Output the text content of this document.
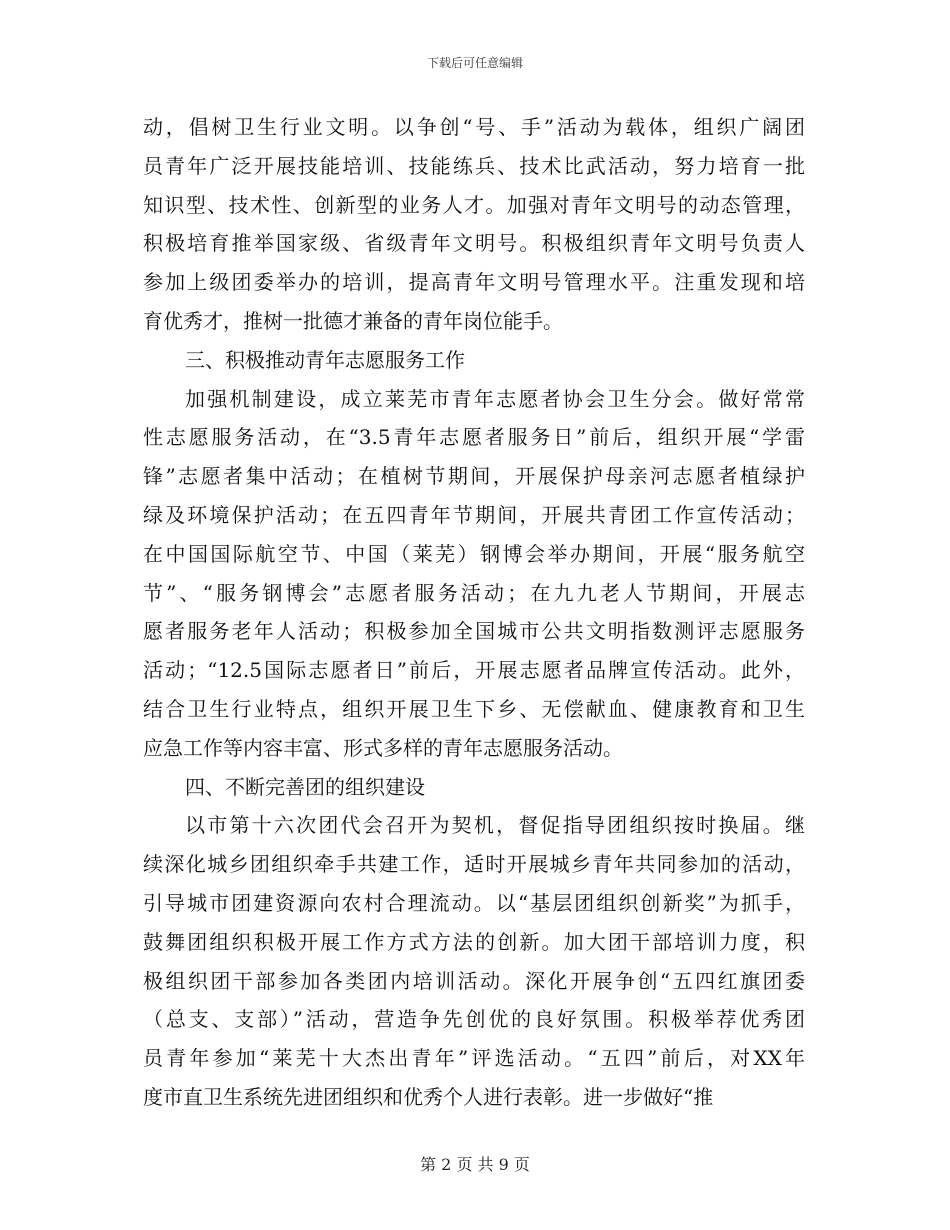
下载后可任意编辑
动，倡树卫生行业文明。以争创“号、手”活动为载体，组织广阔团
员青年广泛开展技能培训、技能练兵、技术比武活动，努力培育一批
知识型、技术性、创新型的业务人才。加强对青年文明号的动态管理，
积极培育推举国家级、省级青年文明号。积极组织青年文明号负责人
参加上级团委举办的培训，提高青年文明号管理水平。注重发现和培
育优秀才，推树一批德才兼备的青年岗位能手。
三、积极推动青年志愿服务工作
加强机制建设，成立莱芜市青年志愿者协会卫生分会。做好常常
性志愿服务活动，在“3.5青年志愿者服务日”前后，组织开展“学雷
锋”志愿者集中活动；在植树节期间，开展保护母亲河志愿者植绿护
绿及环境保护活动；在五四青年节期间，开展共青团工作宣传活动；
在中国国际航空节、中国（莱芜）钢博会举办期间，开展“服务航空
节”、“服务钢博会”志愿者服务活动；在九九老人节期间，开展志
愿者服务老年人活动；积极参加全国城市公共文明指数测评志愿服务
活动；“12.5国际志愿者日”前后，开展志愿者品牌宣传活动。此外，
结合卫生行业特点，组织开展卫生下乡、无偿献血、健康教育和卫生
应急工作等内容丰富、形式多样的青年志愿服务活动。
四、不断完善团的组织建设
以市第十六次团代会召开为契机，督促指导团组织按时换届。继
续深化城乡团组织牵手共建工作，适时开展城乡青年共同参加的活动，
引导城市团建资源向农村合理流动。以“基层团组织创新奖”为抓手，
鼓舞团组织积极开展工作方式方法的创新。加大团干部培训力度，积
极组织团干部参加各类团内培训活动。深化开展争创“五四红旗团委
（总支、支部）”活动，营造争先创优的良好氛围。积极举荐优秀团
员青年参加“莱芜十大杰出青年”评选活动。“五四”前后，对XX年
度市直卫生系统先进团组织和优秀个人进行表彰。进一步做好“推
第 2 页 共 9 页
